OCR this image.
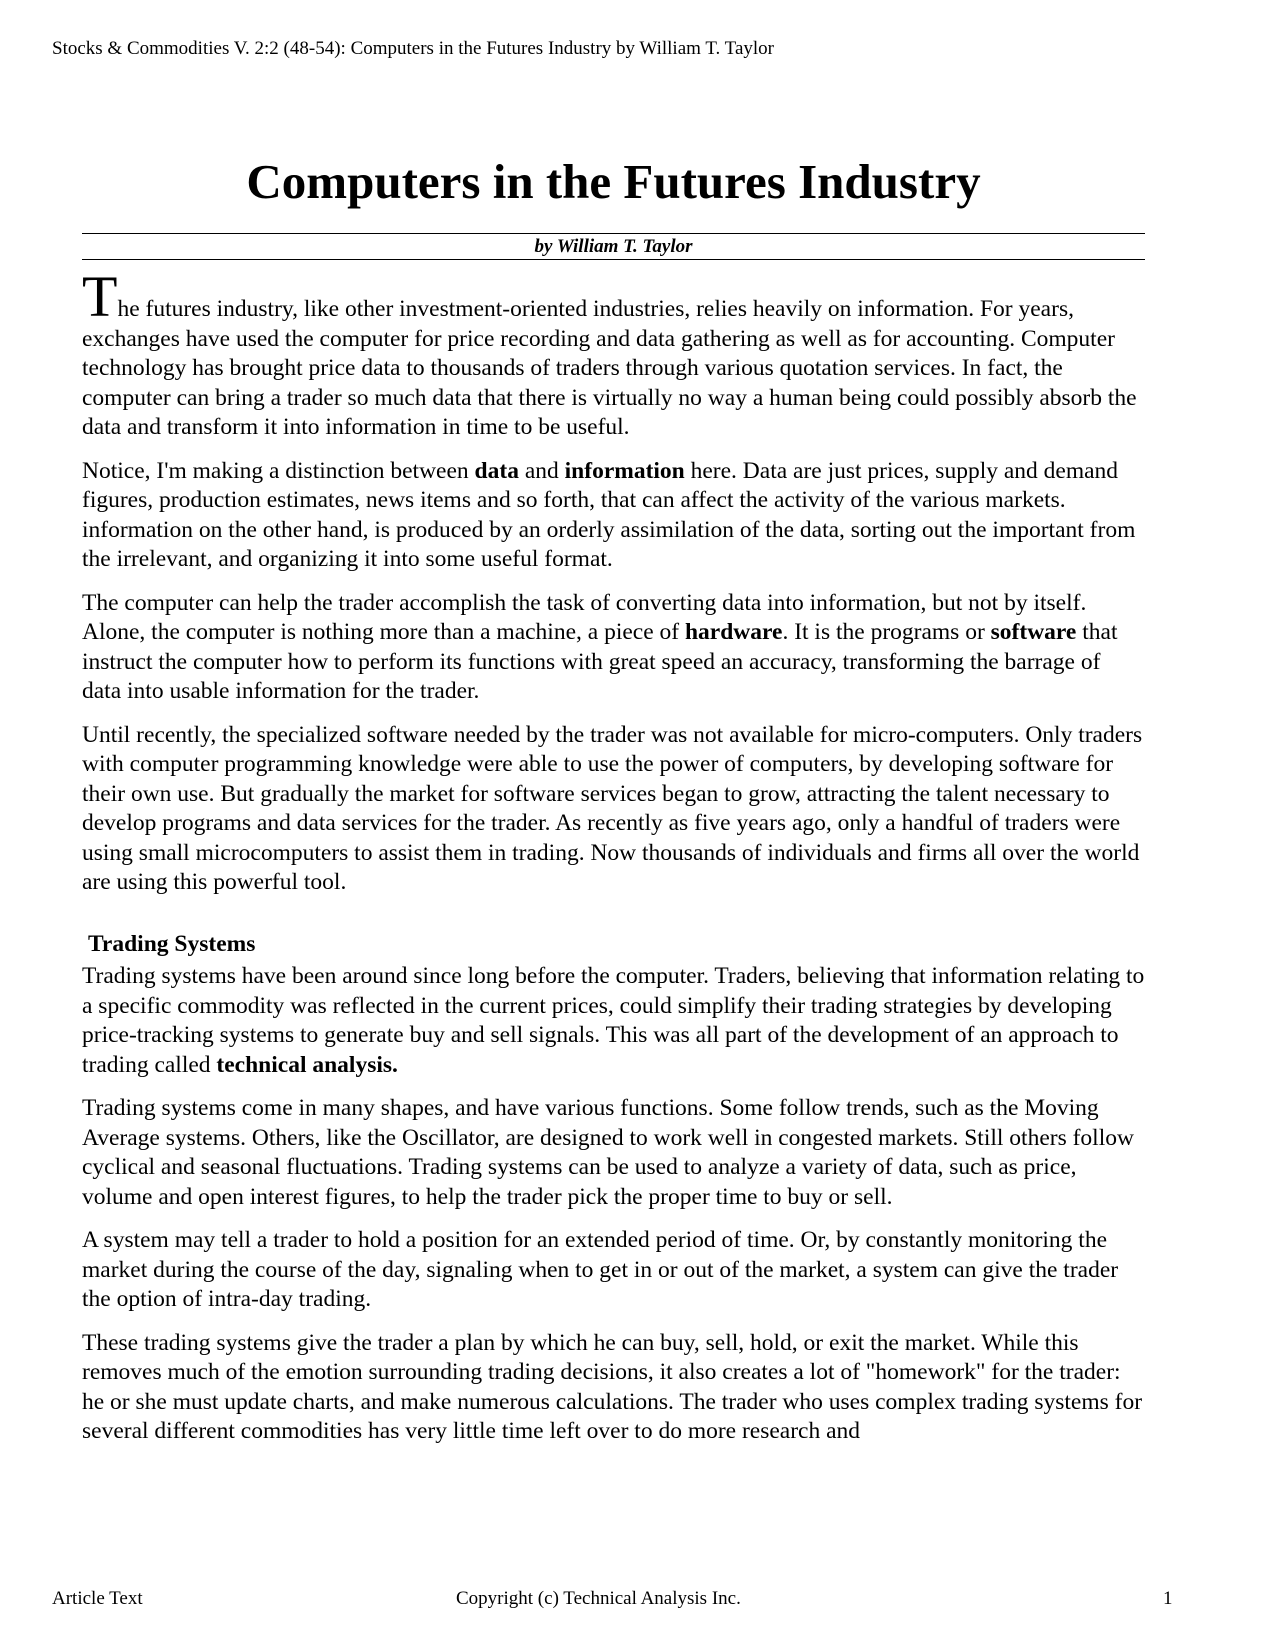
Stocks & Commodities V. 2:2 (48-54): Computers in the Futures Industry by William T. Taylor
Computers in the Futures Industry
by William T. Taylor

The futures industry, like other investment-oriented industries, relies heavily on information. For years, exchanges have used the computer for price recording and data gathering as well as for accounting. Computer technology has brought price data to thousands of traders through various quotation services. In fact, the computer can bring a trader so much data that there is virtually no way a human being could possibly absorb the data and transform it into information in time to be useful.

Notice, I'm making a distinction between data and information here. Data are just prices, supply and demand figures, production estimates, news items and so forth, that can affect the activity of the various markets. information on the other hand, is produced by an orderly assimilation of the data, sorting out the important from the irrelevant, and organizing it into some useful format.

The computer can help the trader accomplish the task of converting data into information, but not by itself. Alone, the computer is nothing more than a machine, a piece of hardware. It is the programs or software that instruct the computer how to perform its functions with great speed an accuracy, transforming the barrage of data into usable information for the trader.

Until recently, the specialized software needed by the trader was not available for micro-computers. Only traders with computer programming knowledge were able to use the power of computers, by developing software for their own use. But gradually the market for software services began to grow, attracting the talent necessary to develop programs and data services for the trader. As recently as five years ago, only a handful of traders were using small microcomputers to assist them in trading. Now thousands of individuals and firms all over the world are using this powerful tool.

Trading Systems

Trading systems have been around since long before the computer. Traders, believing that information relating to a specific commodity was reflected in the current prices, could simplify their trading strategies by developing price-tracking systems to generate buy and sell signals. This was all part of the development of an approach to trading called technical analysis.

Trading systems come in many shapes, and have various functions. Some follow trends, such as the Moving Average systems. Others, like the Oscillator, are designed to work well in congested markets. Still others follow cyclical and seasonal fluctuations. Trading systems can be used to analyze a variety of data, such as price, volume and open interest figures, to help the trader pick the proper time to buy or sell.

A system may tell a trader to hold a position for an extended period of time. Or, by constantly monitoring the market during the course of the day, signaling when to get in or out of the market, a system can give the trader the option of intra-day trading.

These trading systems give the trader a plan by which he can buy, sell, hold, or exit the market. While this removes much of the emotion surrounding trading decisions, it also creates a lot of "homework" for the trader: he or she must update charts, and make numerous calculations. The trader who uses complex trading systems for several different commodities has very little time left over to do more research and

Article Text	Copyright (c) Technical Analysis Inc.	1
